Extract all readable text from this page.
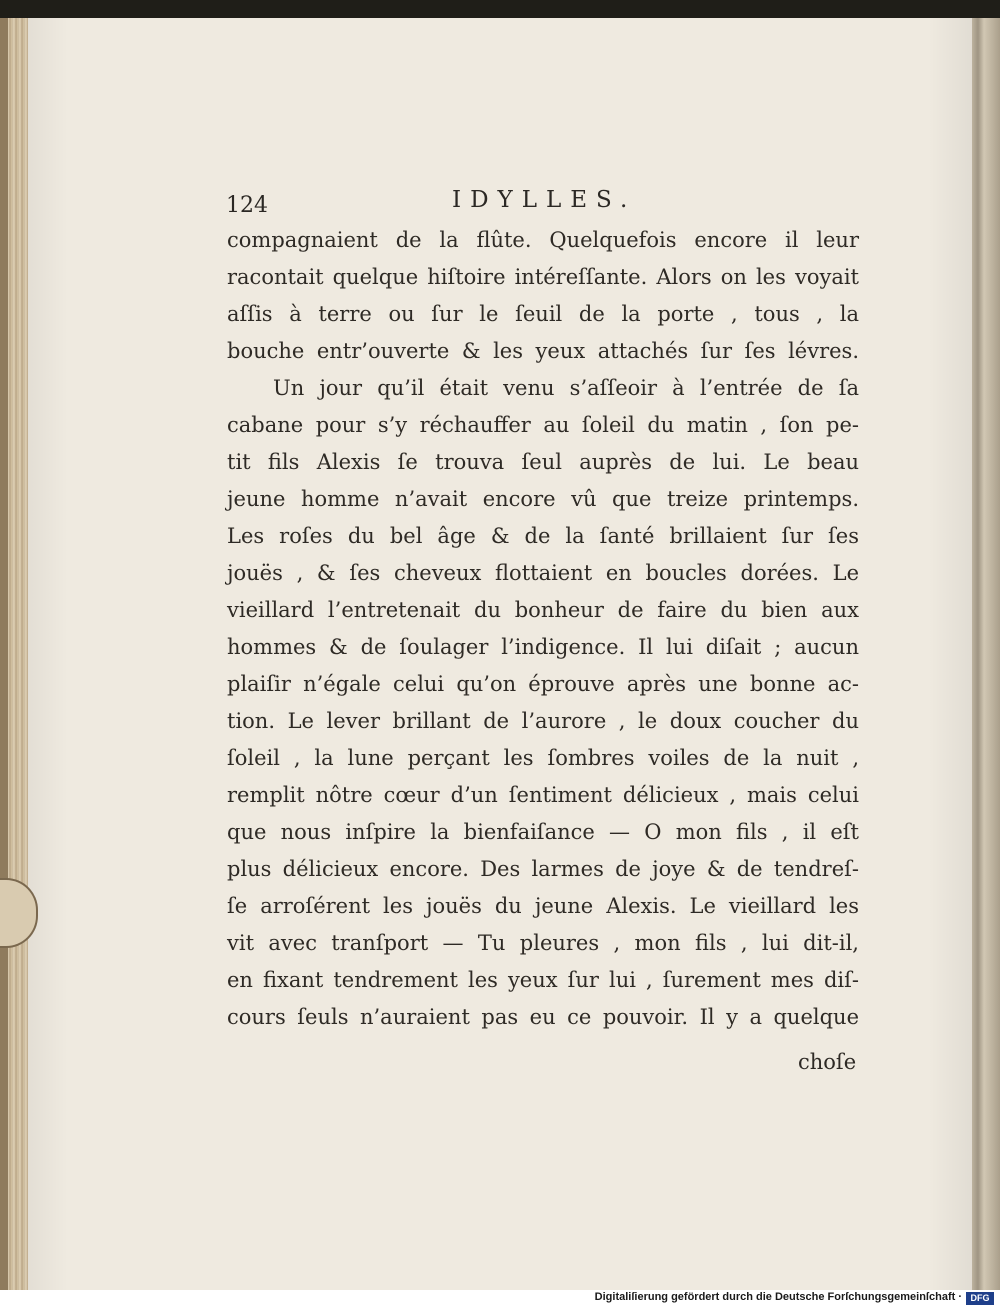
124	IDYLLES.
compagnaient de la flûte. Quelquefois encore il leur
racontait quelque hiſtoire intéreſſante. Alors on les voyait
aſſis à terre ou ſur le ſeuil de la porte , tous , la
bouche entr’ouverte & les yeux attachés ſur ſes lévres.
Un jour qu’il était venu s’aſſeoir à l’entrée de ſa
cabane pour s’y réchauffer au ſoleil du matin , ſon pe-
tit fils Alexis ſe trouva ſeul auprès de lui. Le beau
jeune homme n’avait encore vû que treize printemps.
Les roſes du bel âge & de la ſanté brillaient ſur ſes
jouës , & ſes cheveux flottaient en boucles dorées. Le
vieillard l’entretenait du bonheur de faire du bien aux
hommes & de ſoulager l’indigence. Il lui diſait ; aucun
plaiſir n’égale celui qu’on éprouve après une bonne ac-
tion. Le lever brillant de l’aurore , le doux coucher du
ſoleil , la lune perçant les ſombres voiles de la nuit ,
remplit nôtre cœur d’un ſentiment délicieux , mais celui
que nous inſpire la bienfaiſance — O mon fils , il eſt
plus délicieux encore. Des larmes de joye & de tendreſ-
ſe arroſérent les jouës du jeune Alexis. Le vieillard les
vit avec tranſport — Tu pleures , mon fils , lui dit-il,
en fixant tendrement les yeux ſur lui , ſurement mes diſ-
cours ſeuls n’auraient pas eu ce pouvoir. Il y a quelque
choſe
Digitaliſierung gefördert durch die Deutsche Forſchungsgemeinſchaft · DFG
